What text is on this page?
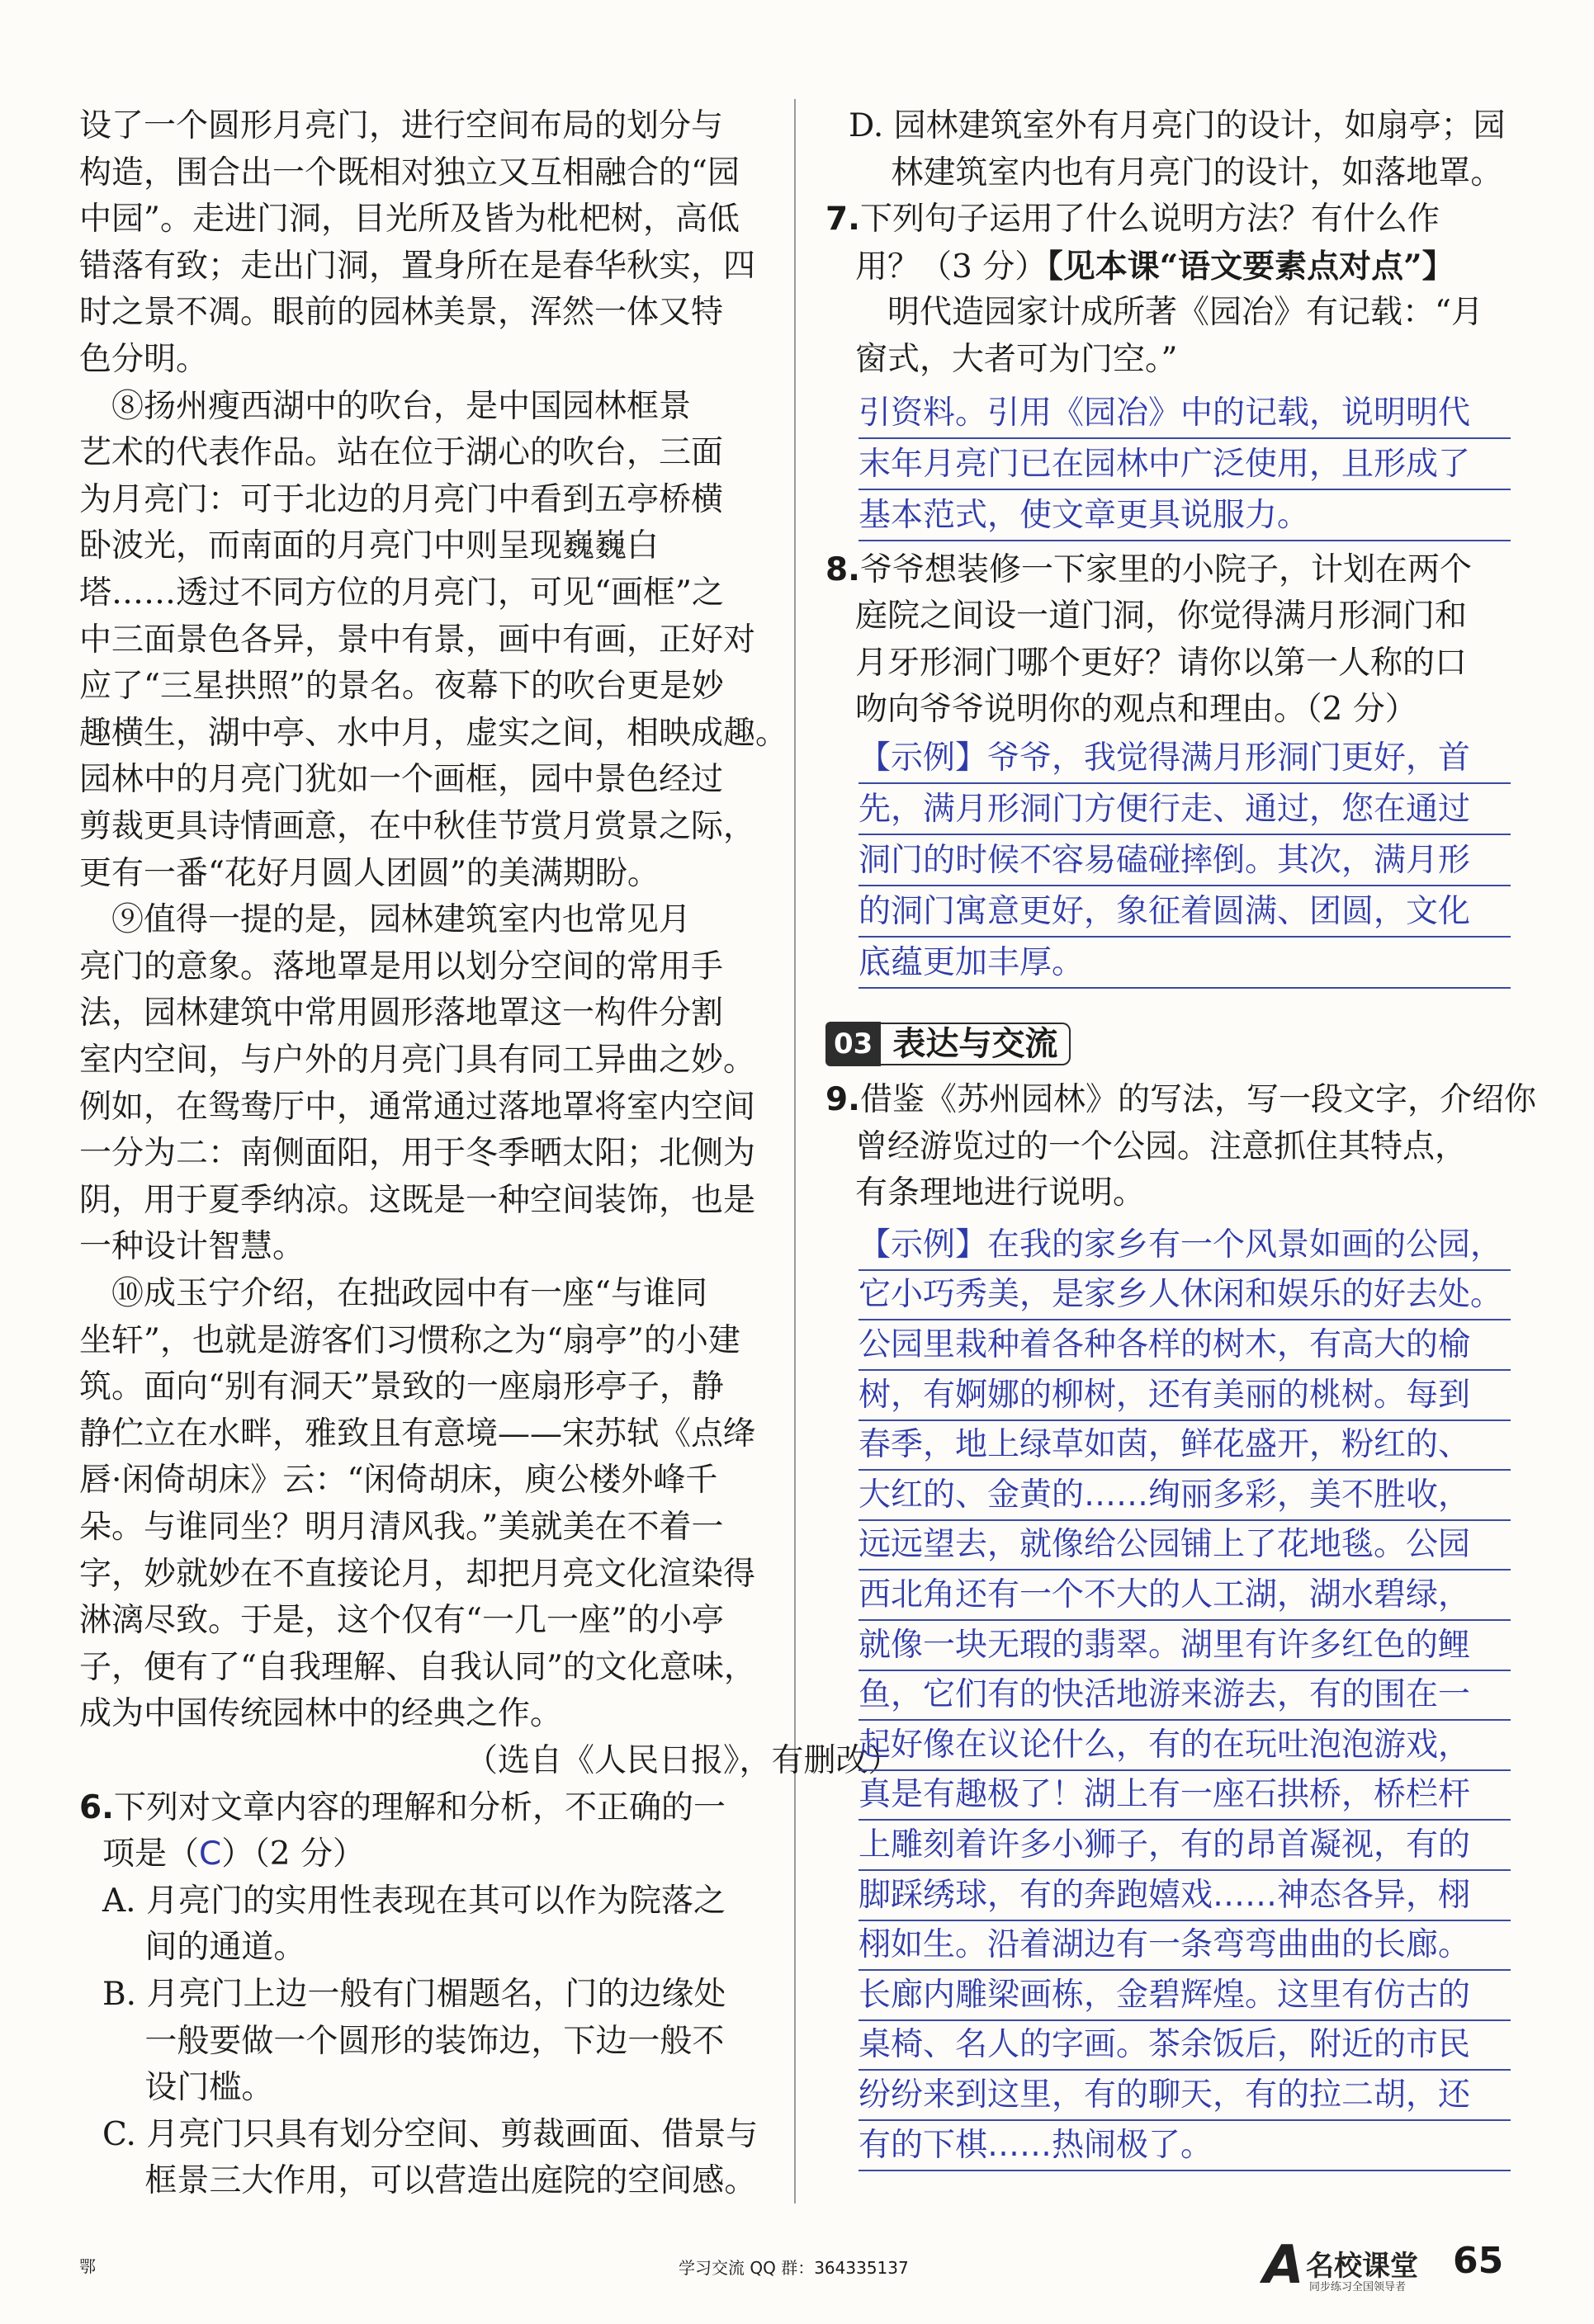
设了一个圆形月亮门，进行空间布局的划分与
构造，围合出一个既相对独立又互相融合的“园
中园”。走进门洞，目光所及皆为枇杷树，高低
错落有致；走出门洞，置身所在是春华秋实，四
时之景不凋。眼前的园林美景，浑然一体又特
色分明。
　⑧扬州瘦西湖中的吹台，是中国园林框景
艺术的代表作品。站在位于湖心的吹台，三面
为月亮门：可于北边的月亮门中看到五亭桥横
卧波光，而南面的月亮门中则呈现巍巍白
塔……透过不同方位的月亮门，可见“画框”之
中三面景色各异，景中有景，画中有画，正好对
应了“三星拱照”的景名。夜幕下的吹台更是妙
趣横生，湖中亭、水中月，虚实之间，相映成趣。
园林中的月亮门犹如一个画框，园中景色经过
剪裁更具诗情画意，在中秋佳节赏月赏景之际，
更有一番“花好月圆人团圆”的美满期盼。
　⑨值得一提的是，园林建筑室内也常见月
亮门的意象。落地罩是用以划分空间的常用手
法，园林建筑中常用圆形落地罩这一构件分割
室内空间，与户外的月亮门具有同工异曲之妙。
例如，在鸳鸯厅中，通常通过落地罩将室内空间
一分为二：南侧面阳，用于冬季晒太阳；北侧为
阴，用于夏季纳凉。这既是一种空间装饰，也是
一种设计智慧。
　⑩成玉宁介绍，在拙政园中有一座“与谁同
坐轩”，也就是游客们习惯称之为“扇亭”的小建
筑。面向“别有洞天”景致的一座扇形亭子，静
静伫立在水畔，雅致且有意境——宋苏轼《点绛
唇·闲倚胡床》云：“闲倚胡床，庾公楼外峰千
朵。与谁同坐？明月清风我。”美就美在不着一
字，妙就妙在不直接论月，却把月亮文化渲染得
淋漓尽致。于是，这个仅有“一几一座”的小亭
子，便有了“自我理解、自我认同”的文化意味，
成为中国传统园林中的经典之作。
（选自《人民日报》，有删改）
6.下列对文章内容的理解和分析，不正确的一
项是（C）（2 分）
A. 月亮门的实用性表现在其可以作为院落之
　 间的通道。
B. 月亮门上边一般有门楣题名，门的边缘处
　 一般要做一个圆形的装饰边，下边一般不
　 设门槛。
C. 月亮门只具有划分空间、剪裁画面、借景与
　 框景三大作用，可以营造出庭院的空间感。
03 表达与交流
D. 园林建筑室外有月亮门的设计，如扇亭；园
　 林建筑室内也有月亮门的设计，如落地罩。
7.下列句子运用了什么说明方法？有什么作
用？（3 分）【见本课“语文要素点对点”】
　明代造园家计成所著《园冶》有记载：“月
窗式，大者可为门空。”
引资料。引用《园冶》中的记载，说明明代
末年月亮门已在园林中广泛使用，且形成了
基本范式，使文章更具说服力。
8.爷爷想装修一下家里的小院子，计划在两个
庭院之间设一道门洞，你觉得满月形洞门和
月牙形洞门哪个更好？请你以第一人称的口
吻向爷爷说明你的观点和理由。（2 分）
【示例】爷爷，我觉得满月形洞门更好，首
先，满月形洞门方便行走、通过，您在通过
洞门的时候不容易磕碰摔倒。其次，满月形
的洞门寓意更好，象征着圆满、团圆，文化
底蕴更加丰厚。
9.借鉴《苏州园林》的写法，写一段文字，介绍你
曾经游览过的一个公园。注意抓住其特点，
有条理地进行说明。
【示例】在我的家乡有一个风景如画的公园，
它小巧秀美，是家乡人休闲和娱乐的好去处。
公园里栽种着各种各样的树木，有高大的榆
树，有婀娜的柳树，还有美丽的桃树。每到
春季，地上绿草如茵，鲜花盛开，粉红的、
大红的、金黄的……绚丽多彩，美不胜收，
远远望去，就像给公园铺上了花地毯。公园
西北角还有一个不大的人工湖，湖水碧绿，
就像一块无瑕的翡翠。湖里有许多红色的鲤
鱼，它们有的快活地游来游去，有的围在一
起好像在议论什么，有的在玩吐泡泡游戏，
真是有趣极了！湖上有一座石拱桥，桥栏杆
上雕刻着许多小狮子，有的昂首凝视，有的
脚踩绣球，有的奔跑嬉戏……神态各异，栩
栩如生。沿着湖边有一条弯弯曲曲的长廊。
长廊内雕梁画栋，金碧辉煌。这里有仿古的
桌椅、名人的字画。茶余饭后，附近的市民
纷纷来到这里，有的聊天，有的拉二胡，还
有的下棋……热闹极了。
鄂	学习交流 QQ 群：364335137	A 名校课堂
同步练习全国领导者
65
